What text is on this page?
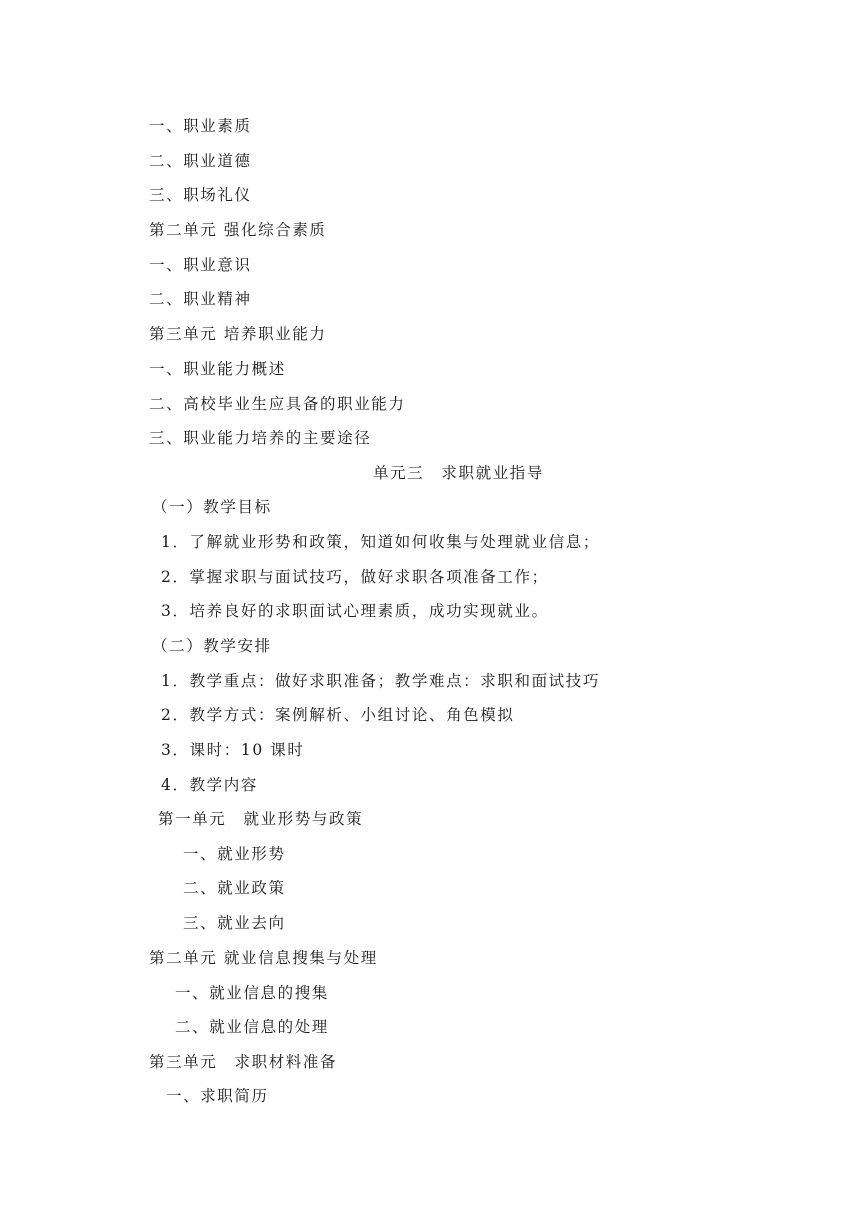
一、职业素质
二、职业道德
三、职场礼仪
第二单元 强化综合素质
一、职业意识
二、职业精神
第三单元 培养职业能力
一、职业能力概述
二、高校毕业生应具备的职业能力
三、职业能力培养的主要途径
单元三　求职就业指导
（一）教学目标
1．了解就业形势和政策，知道如何收集与处理就业信息；
2．掌握求职与面试技巧，做好求职各项准备工作；
3．培养良好的求职面试心理素质，成功实现就业。
（二）教学安排
1．教学重点：做好求职准备；教学难点：求职和面试技巧
2．教学方式：案例解析、小组讨论、角色模拟
3．课时：10 课时
4．教学内容
第一单元　就业形势与政策
一、就业形势
二、就业政策
三、就业去向
第二单元 就业信息搜集与处理
一、就业信息的搜集
二、就业信息的处理
第三单元　求职材料准备
一、求职简历
